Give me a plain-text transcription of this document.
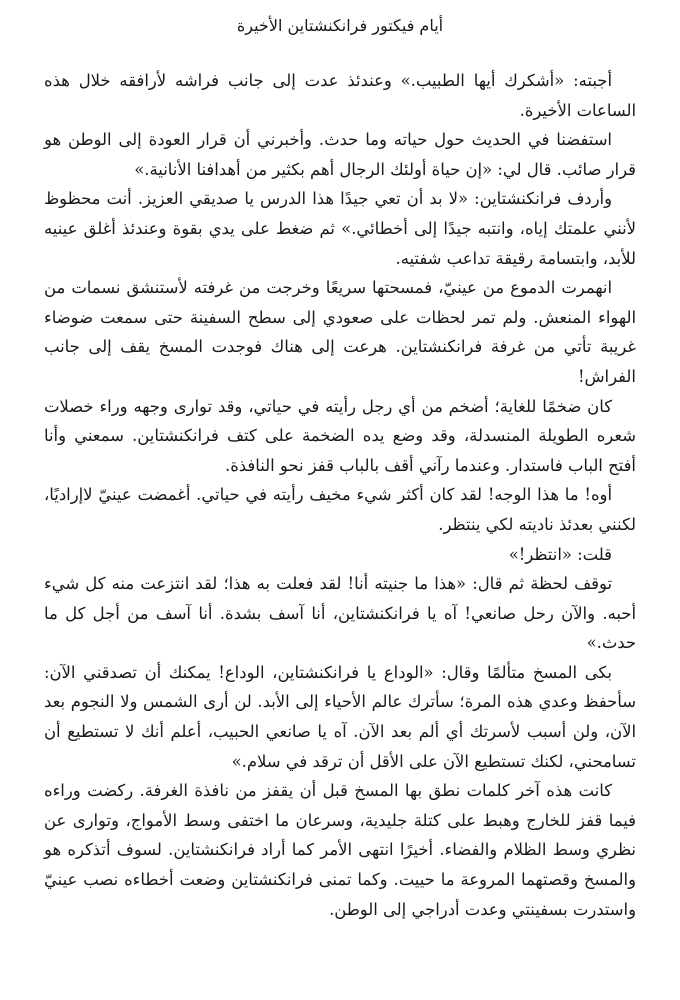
أيام فيكتور فرانكنشتاين الأخيرة

أجبته: «أشكرك أيها الطبيب.» وعندئذ عدت إلى جانب فراشه لأرافقه خلال هذه الساعات الأخيرة.

استفضنا في الحديث حول حياته وما حدث. وأخبرني أن قرار العودة إلى الوطن هو قرار صائب. قال لي: «إن حياة أولئك الرجال أهم بكثير من أهدافنا الأنانية.»

وأردف فرانكنشتاين: «لا بد أن تعي جيدًا هذا الدرس يا صديقي العزيز. أنت محظوظ لأنني علمتك إياه، وانتبه جيدًا إلى أخطائي.» ثم ضغط على يدي بقوة وعندئذ أغلق عينيه للأبد، وابتسامة رقيقة تداعب شفتيه.

انهمرت الدموع من عينيّ، فمسحتها سريعًا وخرجت من غرفته لأستنشق نسمات من الهواء المنعش. ولم تمر لحظات على صعودي إلى سطح السفينة حتى سمعت ضوضاء غريبة تأتي من غرفة فرانكنشتاين. هرعت إلى هناك فوجدت المسخ يقف إلى جانب الفراش!

كان ضخمًا للغاية؛ أضخم من أي رجل رأيته في حياتي، وقد توارى وجهه وراء خصلات شعره الطويلة المنسدلة، وقد وضع يده الضخمة على كتف فرانكنشتاين. سمعني وأنا أفتح الباب فاستدار. وعندما رآني أقف بالباب قفز نحو النافذة.

أوه! ما هذا الوجه! لقد كان أكثر شيء مخيف رأيته في حياتي. أغمضت عينيّ لاإراديًا، لكنني بعدئذ ناديته لكي ينتظر.

قلت: «انتظر!»

توقف لحظة ثم قال: «هذا ما جنيته أنا! لقد فعلت به هذا؛ لقد انتزعت منه كل شيء أحبه. والآن رحل صانعي! آه يا فرانكنشتاين، أنا آسف بشدة. أنا آسف من أجل كل ما حدث.»

بكى المسخ متألمًا وقال: «الوداع يا فرانكنشتاين، الوداع! يمكنك أن تصدقني الآن: سأحفظ وعدي هذه المرة؛ سأترك عالم الأحياء إلى الأبد. لن أرى الشمس ولا النجوم بعد الآن، ولن أسبب لأسرتك أي ألم بعد الآن. آه يا صانعي الحبيب، أعلم أنك لا تستطيع أن تسامحني، لكنك تستطيع الآن على الأقل أن ترقد في سلام.»

كانت هذه آخر كلمات نطق بها المسخ قبل أن يقفز من نافذة الغرفة. ركضت وراءه فيما قفز للخارج وهبط على كتلة جليدية، وسرعان ما اختفى وسط الأمواج، وتوارى عن نظري وسط الظلام والفضاء. أخيرًا انتهى الأمر كما أراد فرانكنشتاين. لسوف أتذكره هو والمسخ وقصتهما المروعة ما حييت. وكما تمنى فرانكنشتاين وضعت أخطاءه نصب عينيّ واستدرت بسفينتي وعدت أدراجي إلى الوطن.
